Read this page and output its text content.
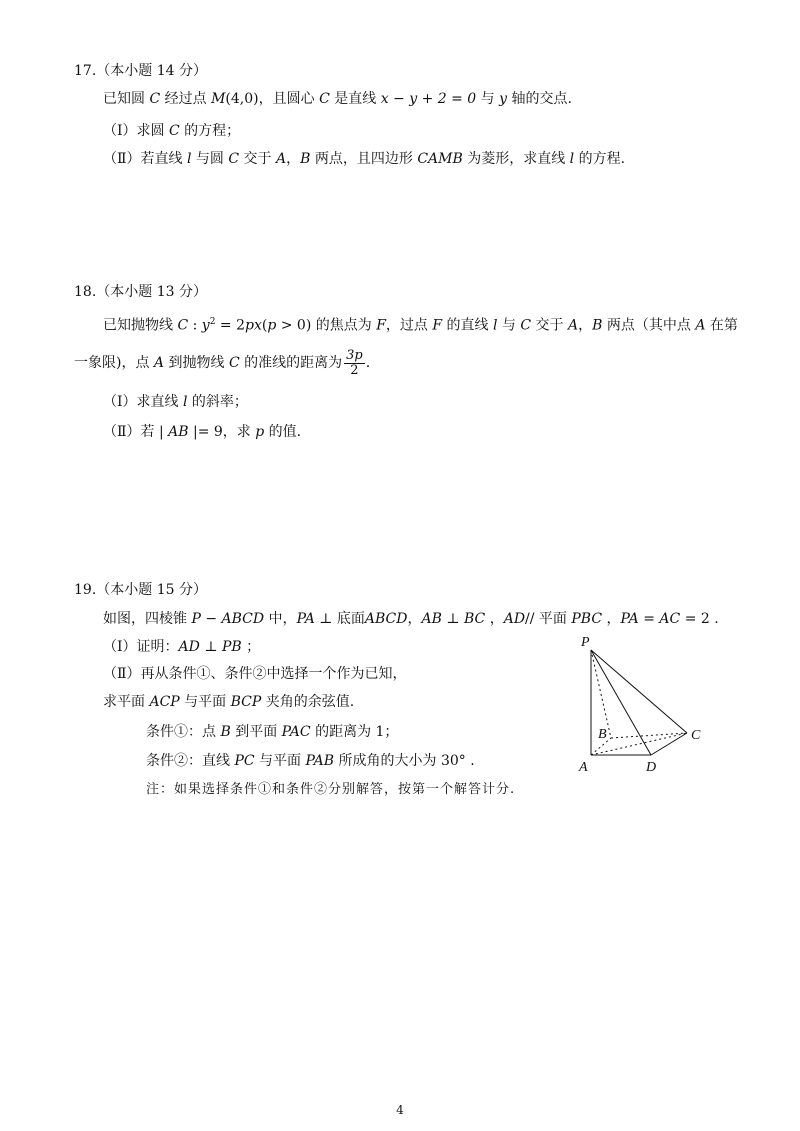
17.（本小题 14 分）
已知圆 C 经过点 M(4,0)，且圆心 C 是直线 x − y + 2 = 0 与 y 轴的交点.
（Ⅰ）求圆 C 的方程；
（Ⅱ）若直线 l 与圆 C 交于 A，B 两点，且四边形 CAMB 为菱形，求直线 l 的方程.
18.（本小题 13 分）
已知抛物线 C : $y^2 = 2px(p > 0)$ 的焦点为 F，过点 F 的直线 l 与 C 交于 A，B 两点（其中点 A 在第
一象限)，点 A 到抛物线 C 的准线的距离为 $\frac{3p}{2}$ .
（Ⅰ）求直线 l 的斜率；
（Ⅱ）若 | AB |= 9，求 p 的值.
19.（本小题 15 分）
如图，四棱锥 P − ABCD 中，PA ⊥ 底面ABCD，AB ⊥ BC ，AD// 平面 PBC ，PA = AC = 2 .
（Ⅰ）证明：AD ⊥ PB ；
（Ⅱ）再从条件①、条件②中选择一个作为已知，
求平面 ACP 与平面 BCP 夹角的余弦值.
条件①：点 B 到平面 PAC 的距离为 1；
条件②：直线 PC 与平面 PAB 所成角的大小为 30° .
注：如果选择条件①和条件②分别解答，按第一个解答计分.
P
A
B	C
D
4
